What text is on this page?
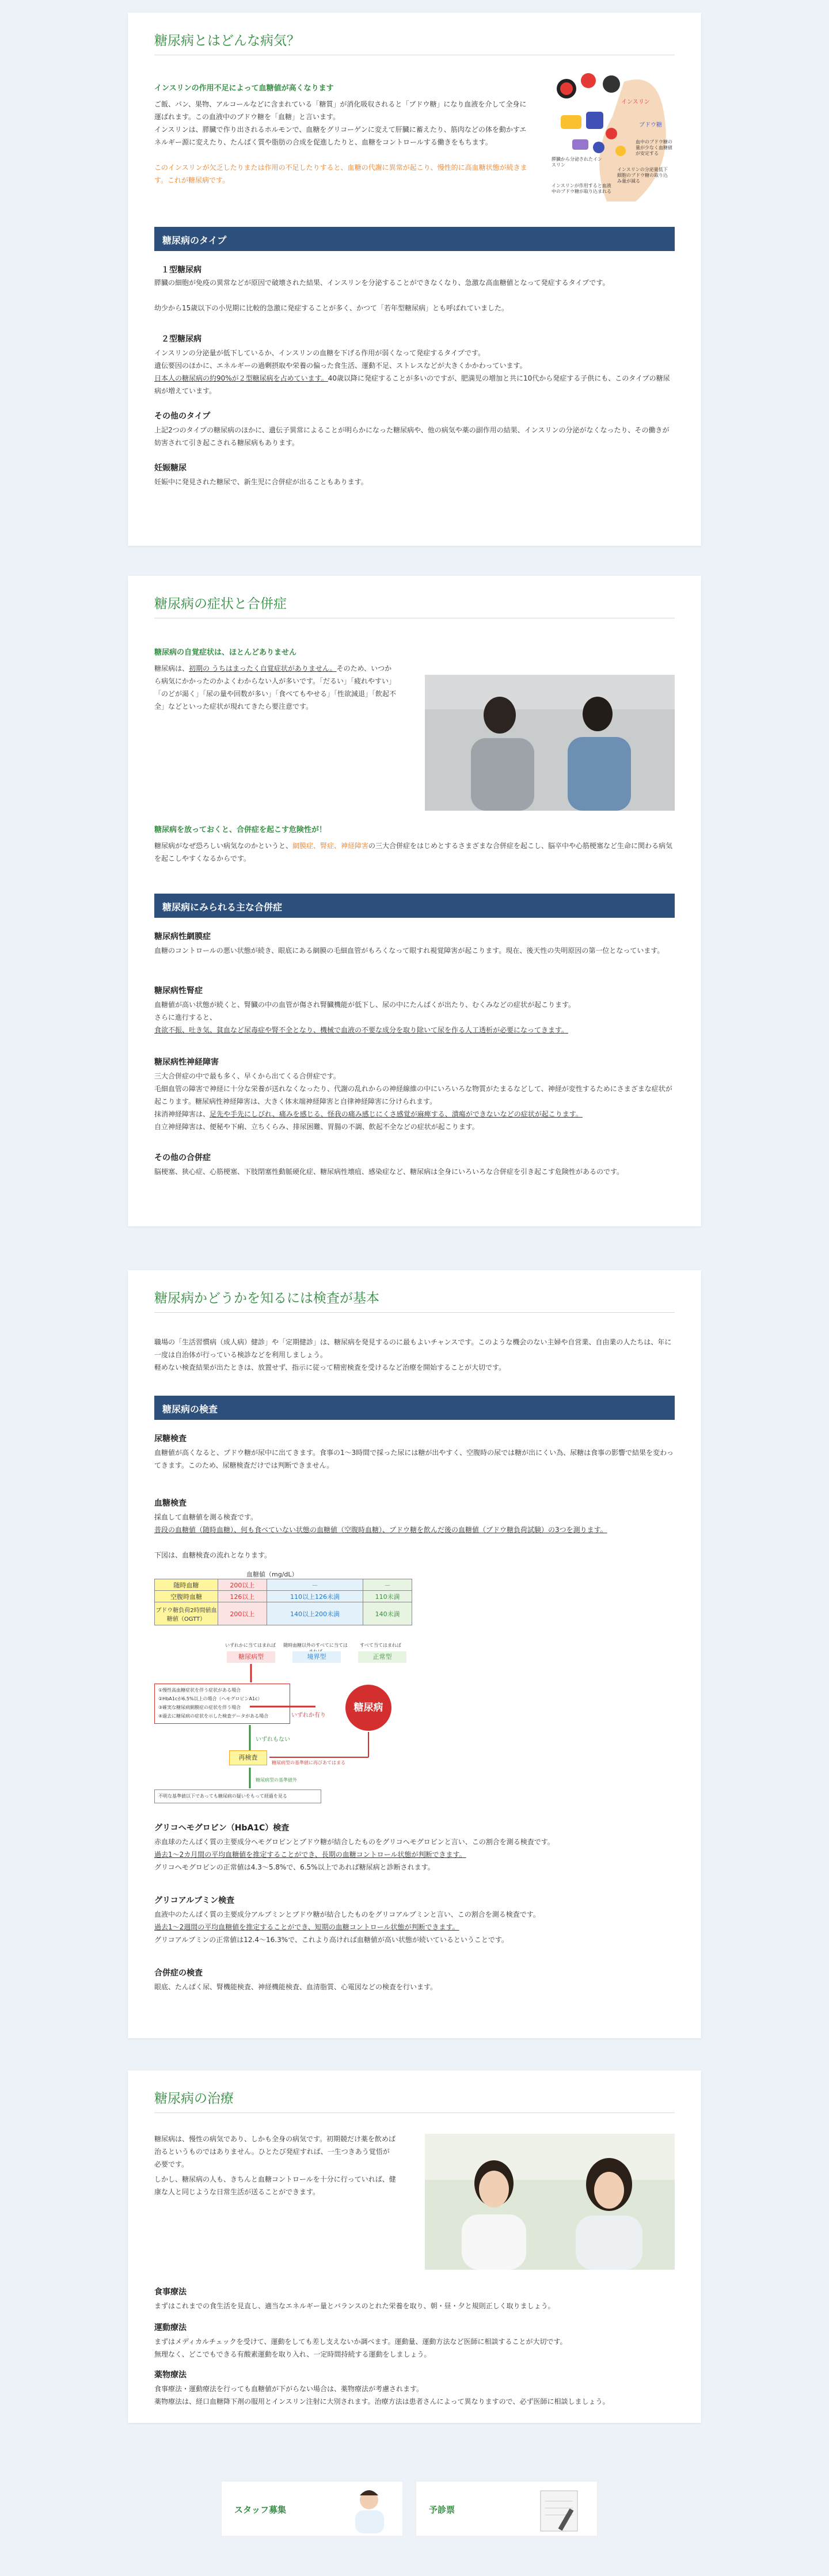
糖尿病とはどんな病気？
インスリンの作用不足によって血糖値が高くなります

ご飯、パン、果物、アルコールなどに含まれている「糖質」が消化吸収されると「ブドウ糖」になり血液を介して全身に運ばれます。この血液中のブドウ糖を「血糖」と言います。

インスリンは、膵臓で作り出されるホルモンで、血糖をグリコーゲンに変えて肝臓に蓄えたり、筋肉などの体を動かすエネルギー源に変えたり、たんぱく質や脂肪の合成を促進したりと、血糖をコントロールする働きをもちます。

このインスリンが欠乏したりまたは作用の不足したりすると、血糖の代謝に異常が起こり、慢性的に高血糖状態が続きます。これが糖尿病です。

インスリン
ブドウ糖
血中のブドウ糖の量が少なく血糖値が安定する
膵臓から分泌されたインスリン
インスリンの分泌量低下 細胞のブドウ糖の取り込み量が減る
インスリンが作用すると血液中のブドウ糖が取り込まれる
糖尿病のタイプ
１型糖尿病

膵臓の細胞が免疫の異常などが原因で破壊された結果、インスリンを分泌することができなくなり、急激な高血糖値となって発症するタイプです。

幼少から15歳以下の小児期に比較的急激に発症することが多く、かつて「若年型糖尿病」とも呼ばれていました。

２型糖尿病

インスリンの分泌量が低下しているか、インスリンの血糖を下げる作用が弱くなって発症するタイプです。

遺伝要因のほかに、エネルギーの過剰摂取や栄養の偏った食生活、運動不足、ストレスなどが大きくかかわっています。

日本人の糖尿病の約90%が２型糖尿病を占めています。40歳以降に発症することが多いのですが、肥満児の増加と共に10代から発症する子供にも、このタイプの糖尿病が増えています。

その他のタイプ

上記2つのタイプの糖尿病のほかに、遺伝子異常によることが明らかになった糖尿病や、他の病気や薬の副作用の結果、インスリンの分泌がなくなったり、その働きが妨害されて引き起こされる糖尿病もあります。

妊娠糖尿

妊娠中に発見された糖尿で、新生児に合併症が出ることもあります。

糖尿病の症状と合併症
糖尿病の自覚症状は、ほとんどありません

糖尿病は、初期の うちはまったく自覚症状がありません。そのため、いつから病気にかかったのかよくわからない人が多いです。「だるい」「疲れやすい」「のどが渇く」「尿の量や回数が多い」「食べてもやせる」「性欲減退」「飲起不全」などといった症状が現れてきたら要注意です。

糖尿病を放っておくと、合併症を起こす危険性が！

糖尿病がなぜ恐ろしい病気なのかというと、網膜症、腎症、神経障害の三大合併症をはじめとするさまざまな合併症を起こし、脳卒中や心筋梗塞など生命に関わる病気を起こしやすくなるからです。

糖尿病にみられる主な合併症
糖尿病性網膜症

血糖のコントロールの悪い状態が続き、眼底にある網膜の毛細血管がもろくなって眼すれ視覚障害が起こります。現在、後天性の失明原因の第一位となっています。

糖尿病性腎症

血糖値が高い状態が続くと、腎臓の中の血管が傷され腎臓機能が低下し、尿の中にたんぱくが出たり、むくみなどの症状が起こります。

さらに進行すると、

食欲不振、吐き気、貧血など尿毒症や腎不全となり、機械で血液の不要な成分を取り除いて尿を作る人工透析が必要になってきます。

糖尿病性神経障害

三大合併症の中で最も多く、早くから出てくる合併症です。

毛細血管の障害で神経に十分な栄養が送れなくなったり、代謝の乱れからの神経線維の中にいろいろな物質がたまるなどして、神経が変性するためにさまざまな症状が起こります。糖尿病性神経障害は、大きく体末端神経障害と自律神経障害に分けられます。

抹消神経障害は、足先や手先にしびれ、痛みを感じる、怪我の痛み感じにくさ感覚が麻痺する、潰瘍ができないなどの症状が起こります。

自立神経障害は、便秘や下痢、立ちくらみ、排尿困難、胃腸の不調、飲起不全などの症状が起こります。

その他の合併症

脳梗塞、狭心症、心筋梗塞、下肢閉塞性動脈硬化症、糖尿病性壊疽、感染症など、糖尿病は全身にいろいろな合併症を引き起こす危険性があるのです。

糖尿病かどうかを知るには検査が基本

職場の「生活習慣病（成人病）健診」や「定期健診」は、糖尿病を発見するのに最もよいチャンスです。このような機会のない主婦や自営業、自由業の人たちは、年に一度は自治体が行っている検診などを利用しましょう。

軽めない検査結果が出たときは、放置せず、指示に従って精密検査を受けるなど治療を開始することが大切です。

糖尿病の検査
尿糖検査

血糖値が高くなると、ブドウ糖が尿中に出てきます。食事の1～3時間で採った尿には糖が出やすく、空腹時の尿では糖が出にくい為、尿糖は食事の影響で結果を変わってきます。このため、尿糖検査だけでは判断できません。

血糖検査

採血して血糖値を測る検査です。

普段の血糖値（随時血糖）、何も食べていない状態の血糖値（空腹時血糖）、ブドウ糖を飲んだ後の血糖値（ブドウ糖負荷試験）の3つを測ります。

下図は、血糖検査の流れとなります。

血糖値（mg/dL）
随時血糖	200以上	－	－
空腹時血糖	126以上	110以上126未満	110未満
ブドウ糖負荷2時間値血糖値（OGTT）	200以上	140以上200未満	140未満
いずれかに当てはまれば	随時血糖以外のすべてに当ては	すべて当てはまれば
糖尿病型	境界型	正常型
①慢性高血糖症状を伴う症状がある場合
②HbA1cが6.5%以上の場合（ヘモグロビンA1c）
③確実な糖尿病網膜症の症状を伴う場合
④過去に糖尿病の症状を示した検査データがある場合	いずれか有り
いずれもない
糖尿病
再検査
糖尿病型の基準値に再びあてはまる
糖尿病型の基準値外
不明な基準値以下であっても糖尿病の疑いをもって経過を見る
グリコヘモグロビン（HbA1C）検査

赤血球のたんぱく質の主要成分ヘモグロビンとブドウ糖が結合したものをグリコヘモグロビンと言い、この割合を測る検査です。

過去1～2カ月間の平均血糖値を推定することができ、長期の血糖コントロール状態が判断できます。

グリコヘモグロビンの正常値は4.3～5.8%で、6.5%以上であれば糖尿病と診断されます。

グリコアルブミン検査

血液中のたんぱく質の主要成分アルブミンとブドウ糖が結合したものをグリコアルブミンと言い、この割合を測る検査です。

過去1～2週間の平均血糖値を推定することができ、短期の血糖コントロール状態が判断できます。

グリコアルブミンの正常値は12.4～16.3%で、これより高ければ血糖値が高い状態が続いているということです。

合併症の検査

眼底、たんぱく尿、腎機能検査、神経機能検査、血清脂質、心電図などの検査を行います。

糖尿病の治療

糖尿病は、慢性の病気であり、しかも全身の病気です。初期競だけ薬を飲めば治るというものではありません。ひとたび発症すれば、一生つきあう覚悟が必要です。

しかし、糖尿病の人も、きちんと血糖コントロールを十分に行っていれば、健康な人と同じような日常生活が送ることができます。

食事療法

まずはこれまでの食生活を見直し、適当なエネルギー量とバランスのとれた栄養を取り、朝・昼・夕と規則正しく取りましょう。

運動療法

まずはメディカルチェックを受けて、運動をしても差し支えないか調べます。運動量、運動方法など医師に相談することが大切です。

無理なく、どこでもできる有酸素運動を取り入れ、一定時間持続する運動をしましょう。

薬物療法

食事療法・運動療法を行っても血糖値が下がらない場合は、薬物療法が考慮されます。

薬物療法は、経口血糖降下剤の服用とインスリン注射に大別されます。治療方法は患者さんによって異なりますので、必ず医師に相談しましょう。

スタッフ募集	予診票
